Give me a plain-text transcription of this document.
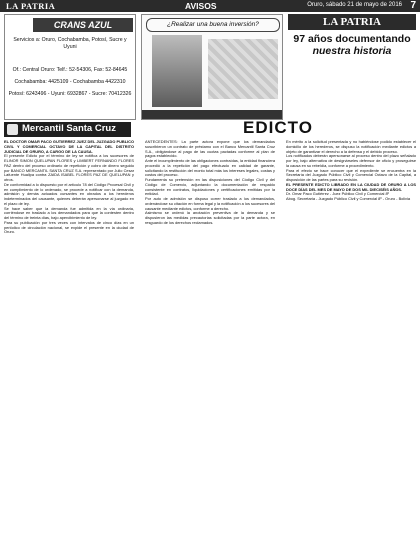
LA PATRIA	AVISOS	Oruro, sábado 21 de mayo de 2016 7
CRANS AZUL
Servicios a: Oruro, Cochabamba, Potosí, Sucre y Uyuni
Of.: Central Oruro: Telf.: 52-54306, Fax: 52-84645
Cochabamba: 4425109 - Cochabamba 4422310
Potosí: 6243496 - Uyuni: 6932867 - Sucre: 70412326
¿Realizar una buena inversión?	LA PATRIA
97 años documentando
nuestra historia
Mercantil Santa Cruz	EDICTO

EL DOCTOR OMAR PACO GUTIERREZ JUEZ DEL JUZGADO PUBLICO CIVIL Y COMERCIAL OCTAVO DE LA CAPITAL DEL DISTRITO JUDICIAL DE ORURO, A CARGO DE LA CAUSA.

El presente Edicto por el término de ley se notifica a los sucesores de ELINOR SIMON QUELUPAN FLORES y LIMBERT FERNANDO FLORES PAZ dentro del proceso ordinario de repetición y cobro de dinero seguido por BANCO MERCANTIL SANTA CRUZ S.A. representado por Julio Cesar Lafuente Huallpa contra ZAIDA ISABEL FLORES PAZ DE QUELUPAN y otros.

De conformidad a lo dispuesto por el artículo 78 del Código Procesal Civil y en cumplimiento de lo ordenado, se procede a notificar con la demanda, admisión y demás actuados cursantes en obrados a los herederos indeterminados del causante, quienes deberán apersonarse al juzgado en el plazo de ley.

Se hace saber que la demanda fue admitida en la vía ordinaria, corriéndose en traslado a los demandados para que la contesten dentro del término de treinta días, bajo apercibimiento de ley.

Para su publicación por tres veces con intervalos de cinco días en un periódico de circulación nacional, se expide el presente en la ciudad de Oruro.

ANTECEDENTES: La parte actora expone que los demandados suscribieron un contrato de préstamo con el Banco Mercantil Santa Cruz S.A., obligándose al pago de las cuotas pactadas conforme al plan de pagos establecido.

Ante el incumplimiento de las obligaciones contraídas, la entidad financiera procedió a la repetición del pago efectuado en calidad de garante, solicitando la restitución del monto total más los intereses legales, costas y costos del proceso.

Fundamenta su pretensión en las disposiciones del Código Civil y del Código de Comercio, adjuntando la documentación de respaldo consistente en contratos, liquidaciones y certificaciones emitidas por la entidad.

Por auto de admisión se dispuso correr traslado a los demandados, ordenándose su citación en forma legal y la notificación a los sucesores del causante mediante edictos, conforme a derecho.

Asimismo se ordenó la anotación preventiva de la demanda y se dispusieron las medidas precautorias solicitadas por la parte actora, en resguardo de los derechos reclamados.

En mérito a la solicitud presentada y no habiéndose podido establecer el domicilio de los herederos, se dispuso la notificación mediante edictos a objeto de garantizar el derecho a la defensa y el debido proceso.

Los notificados deberán apersonarse al proceso dentro del plazo señalado por ley, bajo alternativa de designárseles defensor de oficio y proseguirse la causa en su rebeldía, conforme a procedimiento.

Para el efecto se hace conocer que el expediente se encuentra en la Secretaría del Juzgado Público Civil y Comercial Octavo de la Capital, a disposición de las partes para su revisión.

EL PRESENTE EDICTO LIBRADO EN LA CIUDAD DE ORURO A LOS DOCE DÍAS DEL MES DE MAYO DE DOS MIL DIECISÉIS AÑOS.

Dr. Omar Paco Gutiérrez - Juez Público Civil y Comercial 8º

Abog. Secretaria - Juzgado Público Civil y Comercial 8º - Oruro - Bolivia
